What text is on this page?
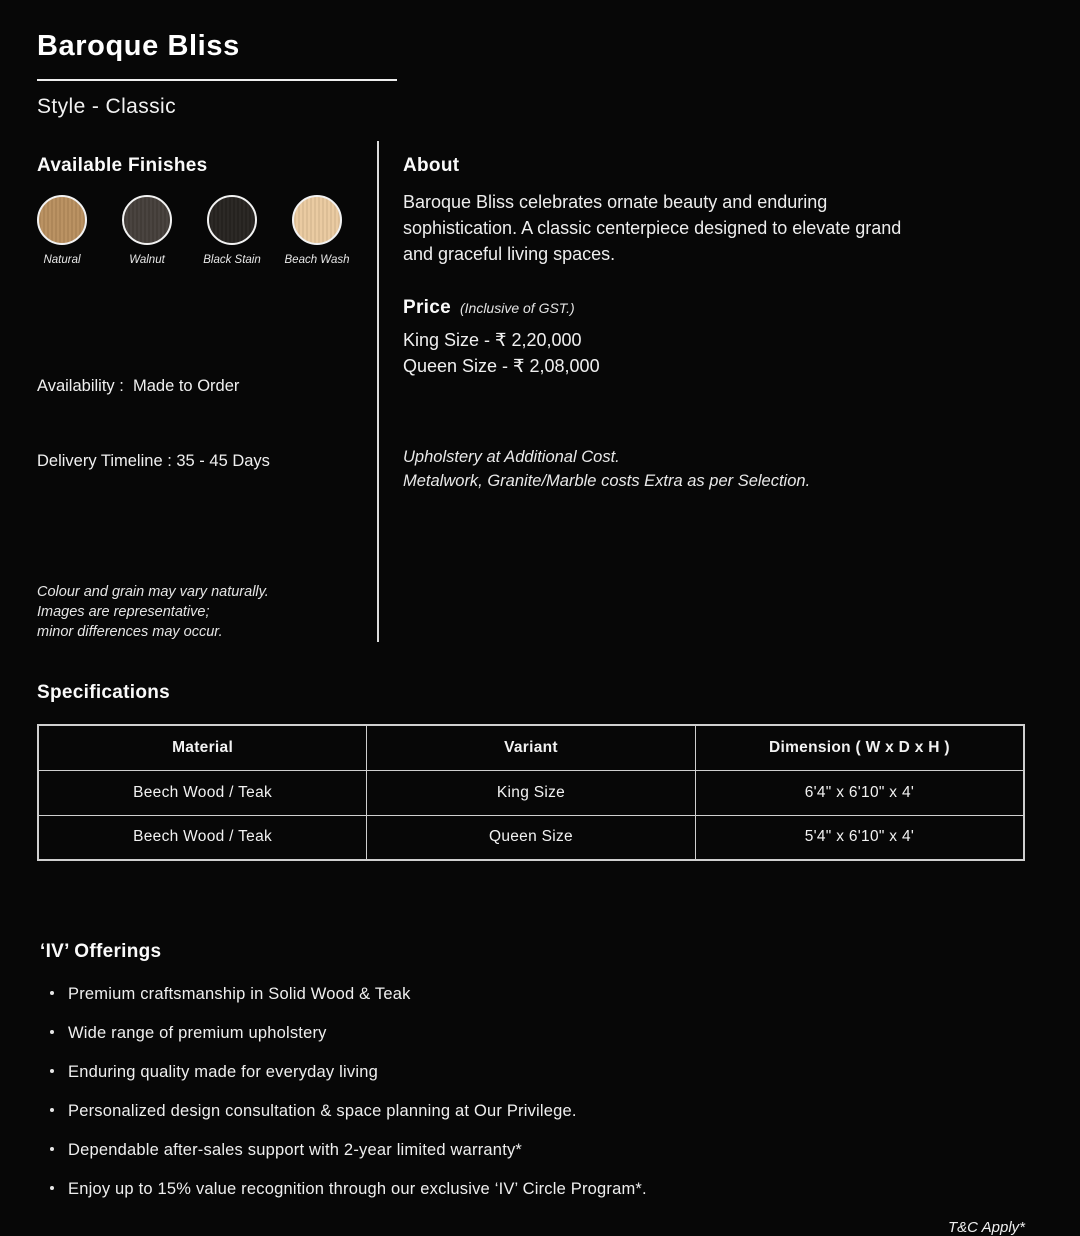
Baroque Bliss
Style - Classic
Available Finishes
Natural	Walnut	Black Stain Beach Wash

Availability :  Made to Order

Delivery Timeline : 35 - 45 Days

Colour and grain may vary naturally.
Images are representative;
minor differences may occur.
About
Baroque Bliss celebrates ornate beauty and enduring
sophistication. A classic centerpiece designed to elevate grand
and graceful living spaces.
Price (Inclusive of GST.)
King Size - ₹ 2,20,000
Queen Size - ₹ 2,08,000
Upholstery at Additional Cost.
Metalwork, Granite/Marble costs Extra as per Selection.
Specifications
Material	Variant	Dimension ( W x D x H )
Beech Wood / Teak	King Size	6'4" x 6'10" x 4'
Beech Wood / Teak	Queen Size	5'4" x 6'10" x 4'
‘IV’ Offerings
Premium craftsmanship in Solid Wood & Teak
Wide range of premium upholstery
Enduring quality made for everyday living
Personalized design consultation & space planning at Our Privilege.
Dependable after-sales support with 2-year limited warranty*
Enjoy up to 15% value recognition through our exclusive ‘IV’ Circle Program*.
T&C Apply*
